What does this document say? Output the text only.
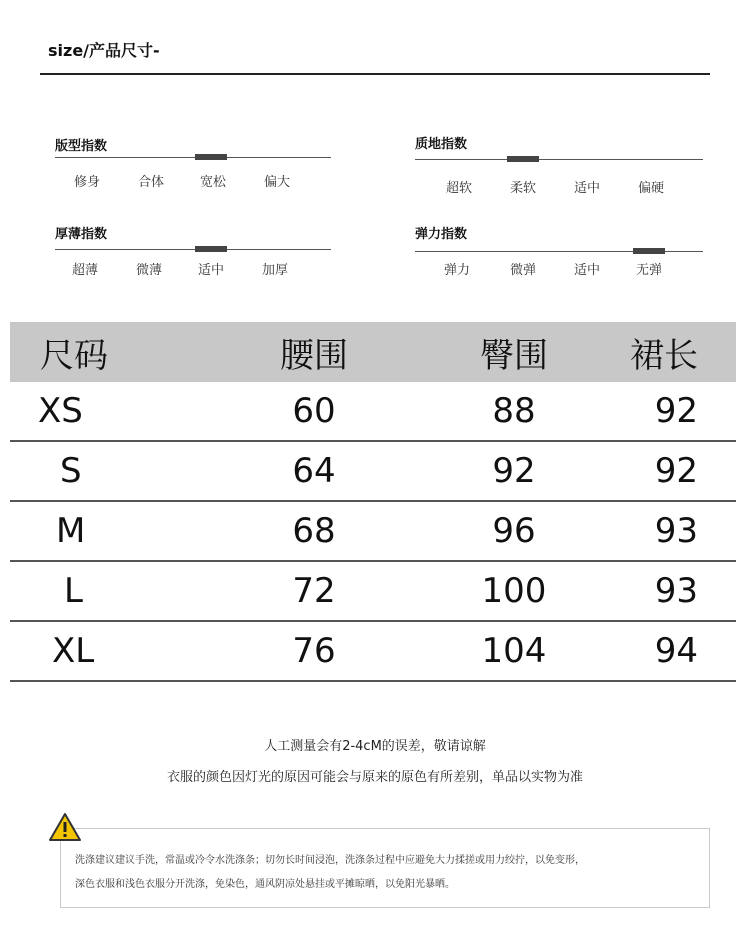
size/产品尺寸-
版型指数
修身	合体	宽松	偏大
质地指数
超软	柔软	适中	偏硬
厚薄指数
超薄	微薄	适中	加厚
弹力指数
弹力	微弹	适中	无弹
尺码	腰围	臀围	裙长
XS	60	88	92
S	64	92	92
M	68	96	93
L	72	100	93
XL	76	104	94
人工测量会有2-4cM的误差，敬请谅解
衣服的颜色因灯光的原因可能会与原来的原色有所差别，单品以实物为准
洗涤建议建议手洗，常温或冷令水洗涤条；切勿长时间浸泡，洗涤条过程中应避免大力揉搓或用力绞拧，以免变形，
深色衣服和浅色衣服分开洗涤，免染色，通风阴凉处悬挂或平摊晾晒，以免阳光暴晒。
